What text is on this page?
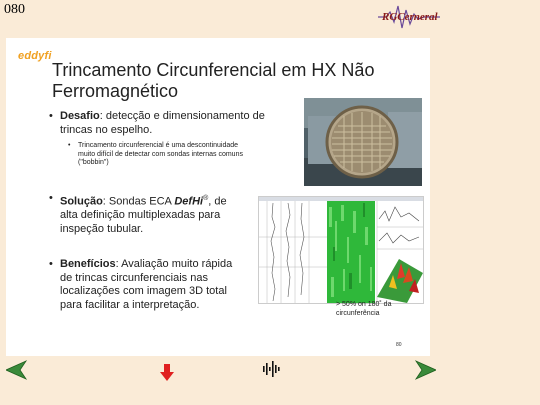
080	RGCerneral
eddyfi
Trincamento Circunferencial em HX Não
Ferromagnético
• Desafio: detecção e dimensionamento de
trincas no espelho.
• Trincamento circunferencial é uma descontinuidade
muito difícil de detectar com sondas internas comuns
("bobbin")
• Solução: Sondas ECA DefHi®, de
alta definição multiplexadas para
inspeção tubular.
• Benefícios: Avaliação muito rápida
de trincas circunferenciais nas
localizações com imagem 3D total
para facilitar a interpretação.	> 50% on 180˚ da
circunferência
80
